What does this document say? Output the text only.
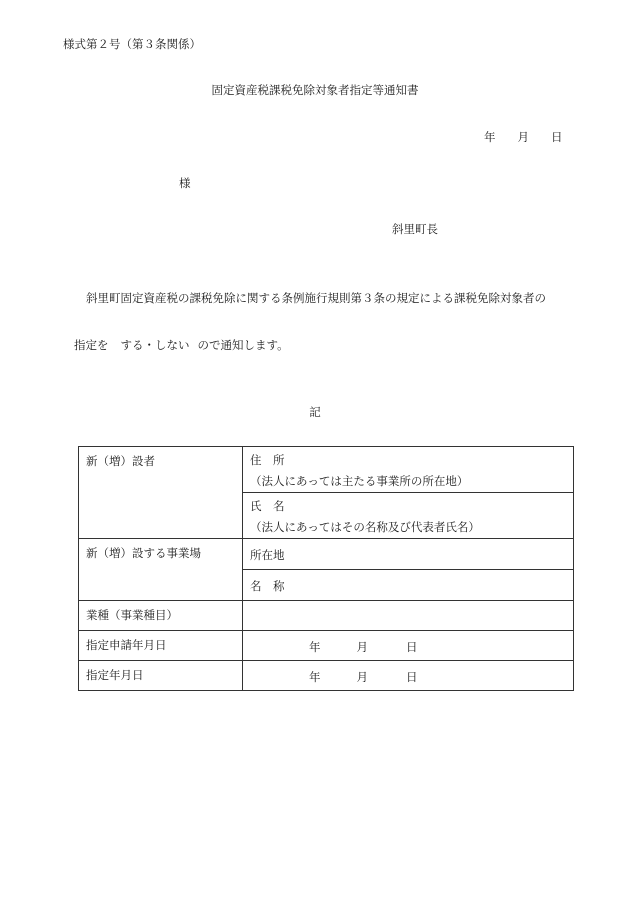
様式第２号（第３条関係）
固定資産税課税免除対象者指定等通知書
年 月 日
様
斜里町長
斜里町固定資産税の課税免除に関する条例施行規則第３条の規定による課税免除対象者の
指定を する・しない ので通知します。
記
新（増）設者	住　所
（法人にあっては主たる事業所の所在地）

	氏　名
（法人にあってはその名称及び代表者氏名）

新（増）設する事業場	所在地
	名　称
業種（事業種目）	
指定申請年月日	年 月 日
指定年月日	年 月 日
